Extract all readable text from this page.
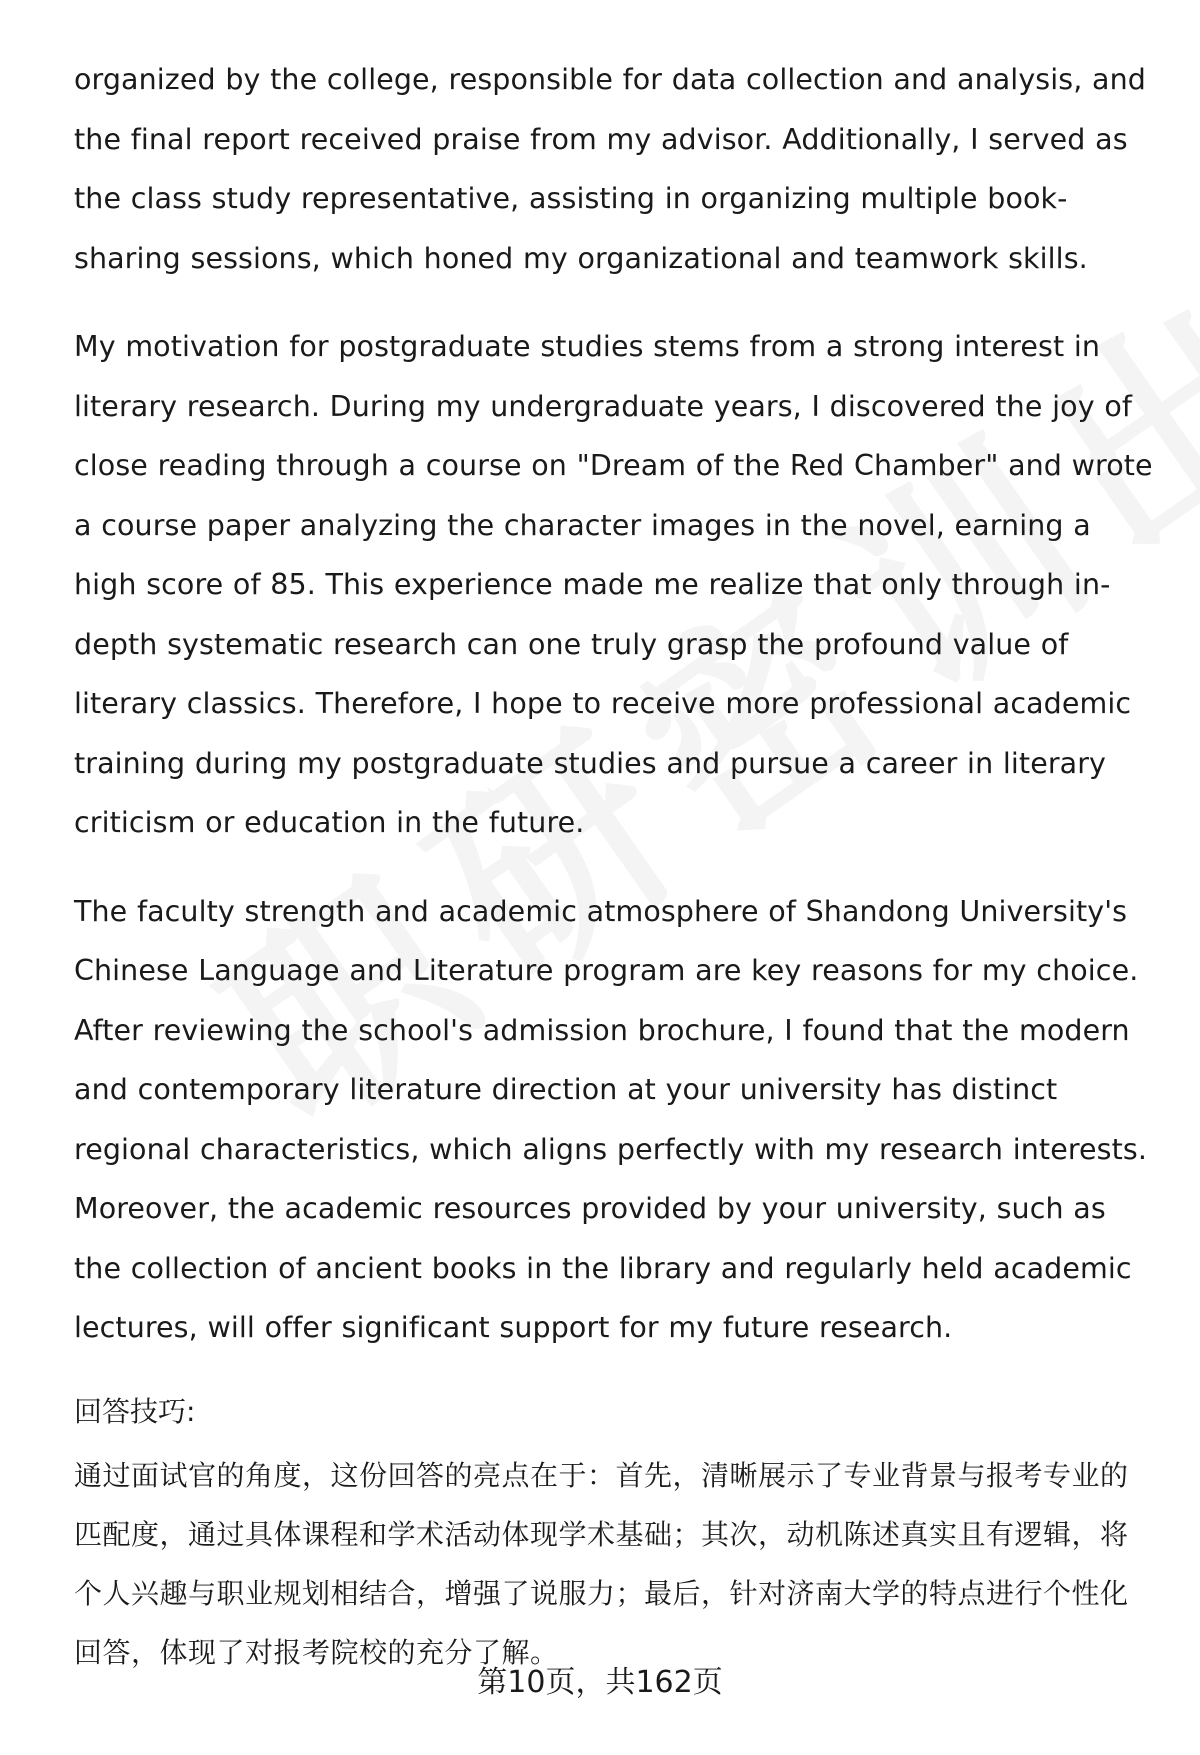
organized by the college, responsible for data collection and analysis, and the final report received praise from my advisor. Additionally, I served as the class study representative, assisting in organizing multiple book-sharing sessions, which honed my organizational and teamwork skills.

My motivation for postgraduate studies stems from a strong interest in literary research. During my undergraduate years, I discovered the joy of close reading through a course on "Dream of the Red Chamber" and wrote a course paper analyzing the character images in the novel, earning a high score of 85. This experience made me realize that only through in-depth systematic research can one truly grasp the profound value of literary classics. Therefore, I hope to receive more professional academic training during my postgraduate studies and pursue a career in literary criticism or education in the future.

The faculty strength and academic atmosphere of Shandong University's Chinese Language and Literature program are key reasons for my choice. After reviewing the school's admission brochure, I found that the modern and contemporary literature direction at your university has distinct regional characteristics, which aligns perfectly with my research interests. Moreover, the academic resources provided by your university, such as the collection of ancient books in the library and regularly held academic lectures, will offer significant support for my future research.

回答技巧:

通过面试官的角度，这份回答的亮点在于：首先，清晰展示了专业背景与报考专业的匹配度，通过具体课程和学术活动体现学术基础；其次，动机陈述真实且有逻辑，将个人兴趣与职业规划相结合，增强了说服力；最后，针对济南大学的特点进行个性化回答，体现了对报考院校的充分了解。

第10页，共162页
